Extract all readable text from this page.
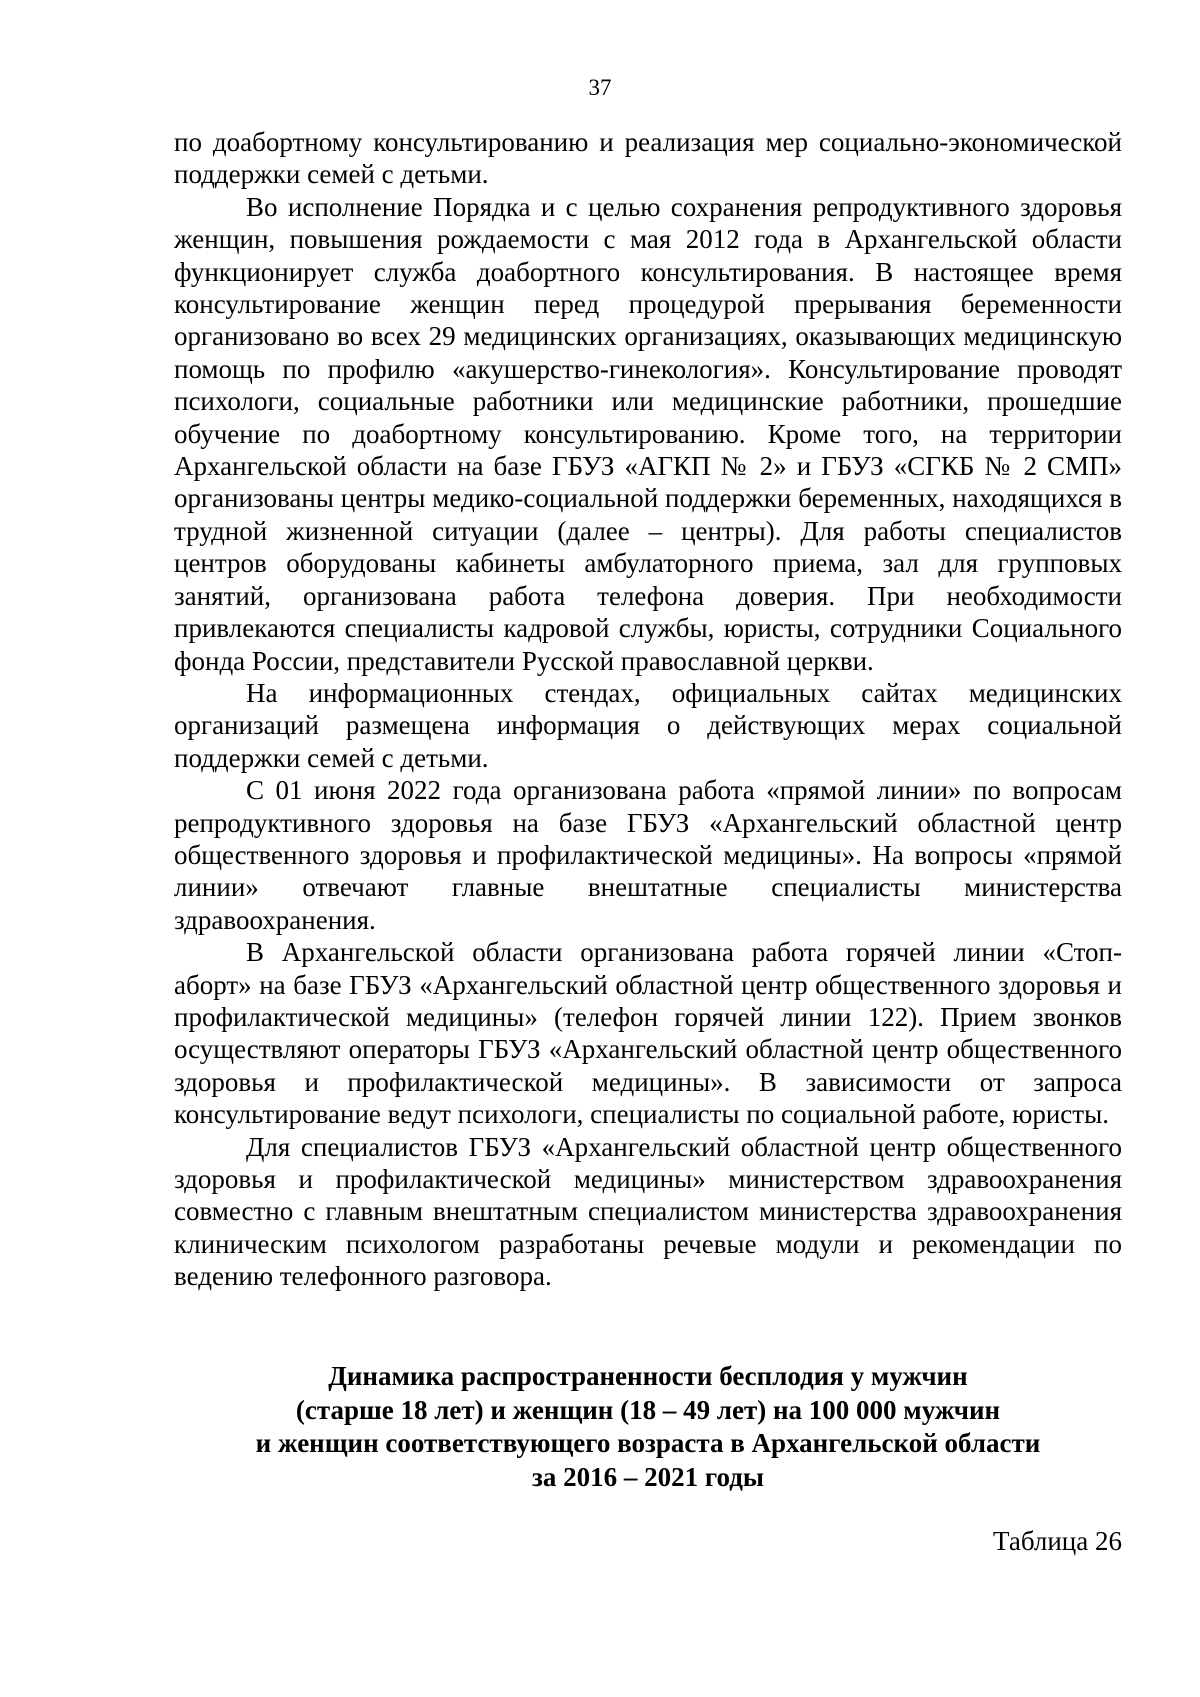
37

по доабортному консультированию и реализация мер социально-экономической поддержки семей с детьми.

Во исполнение Порядка и с целью сохранения репродуктивного здоровья женщин, повышения рождаемости с мая 2012 года в Архангельской области функционирует служба доабортного консультирования. В настоящее время консультирование женщин перед процедурой прерывания беременности организовано во всех 29 медицинских организациях, оказывающих медицинскую помощь по профилю «акушерство-гинекология». Консультирование проводят психологи, социальные работники или медицинские работники, прошедшие обучение по доабортному консультированию. Кроме того, на территории Архангельской области на базе ГБУЗ «АГКП № 2» и ГБУЗ «СГКБ № 2 СМП» организованы центры медико-социальной поддержки беременных, находящихся в трудной жизненной ситуации (далее – центры). Для работы специалистов центров оборудованы кабинеты амбулаторного приема, зал для групповых занятий, организована работа телефона доверия. При необходимости привлекаются специалисты кадровой службы, юристы, сотрудники Социального фонда России, представители Русской православной церкви.

На информационных стендах, официальных сайтах медицинских организаций размещена информация о действующих мерах социальной поддержки семей с детьми.

С 01 июня 2022 года организована работа «прямой линии» по вопросам репродуктивного здоровья на базе ГБУЗ «Архангельский областной центр общественного здоровья и профилактической медицины». На вопросы «прямой линии» отвечают главные внештатные специалисты министерства здравоохранения.

В Архангельской области организована работа горячей линии «Стоп-аборт» на базе ГБУЗ «Архангельский областной центр общественного здоровья и профилактической медицины» (телефон горячей линии 122). Прием звонков осуществляют операторы ГБУЗ «Архангельский областной центр общественного здоровья и профилактической медицины». В зависимости от запроса консультирование ведут психологи, специалисты по социальной работе, юристы.

Для специалистов ГБУЗ «Архангельский областной центр общественного здоровья и профилактической медицины» министерством здравоохранения совместно с главным внештатным специалистом министерства здравоохранения клиническим психологом разработаны речевые модули и рекомендации по ведению телефонного разговора.

Динамика распространенности бесплодия у мужчин
(старше 18 лет) и женщин (18 – 49 лет) на 100 000 мужчин
и женщин соответствующего возраста в Архангельской области
за 2016 – 2021 годы
Таблица 26
